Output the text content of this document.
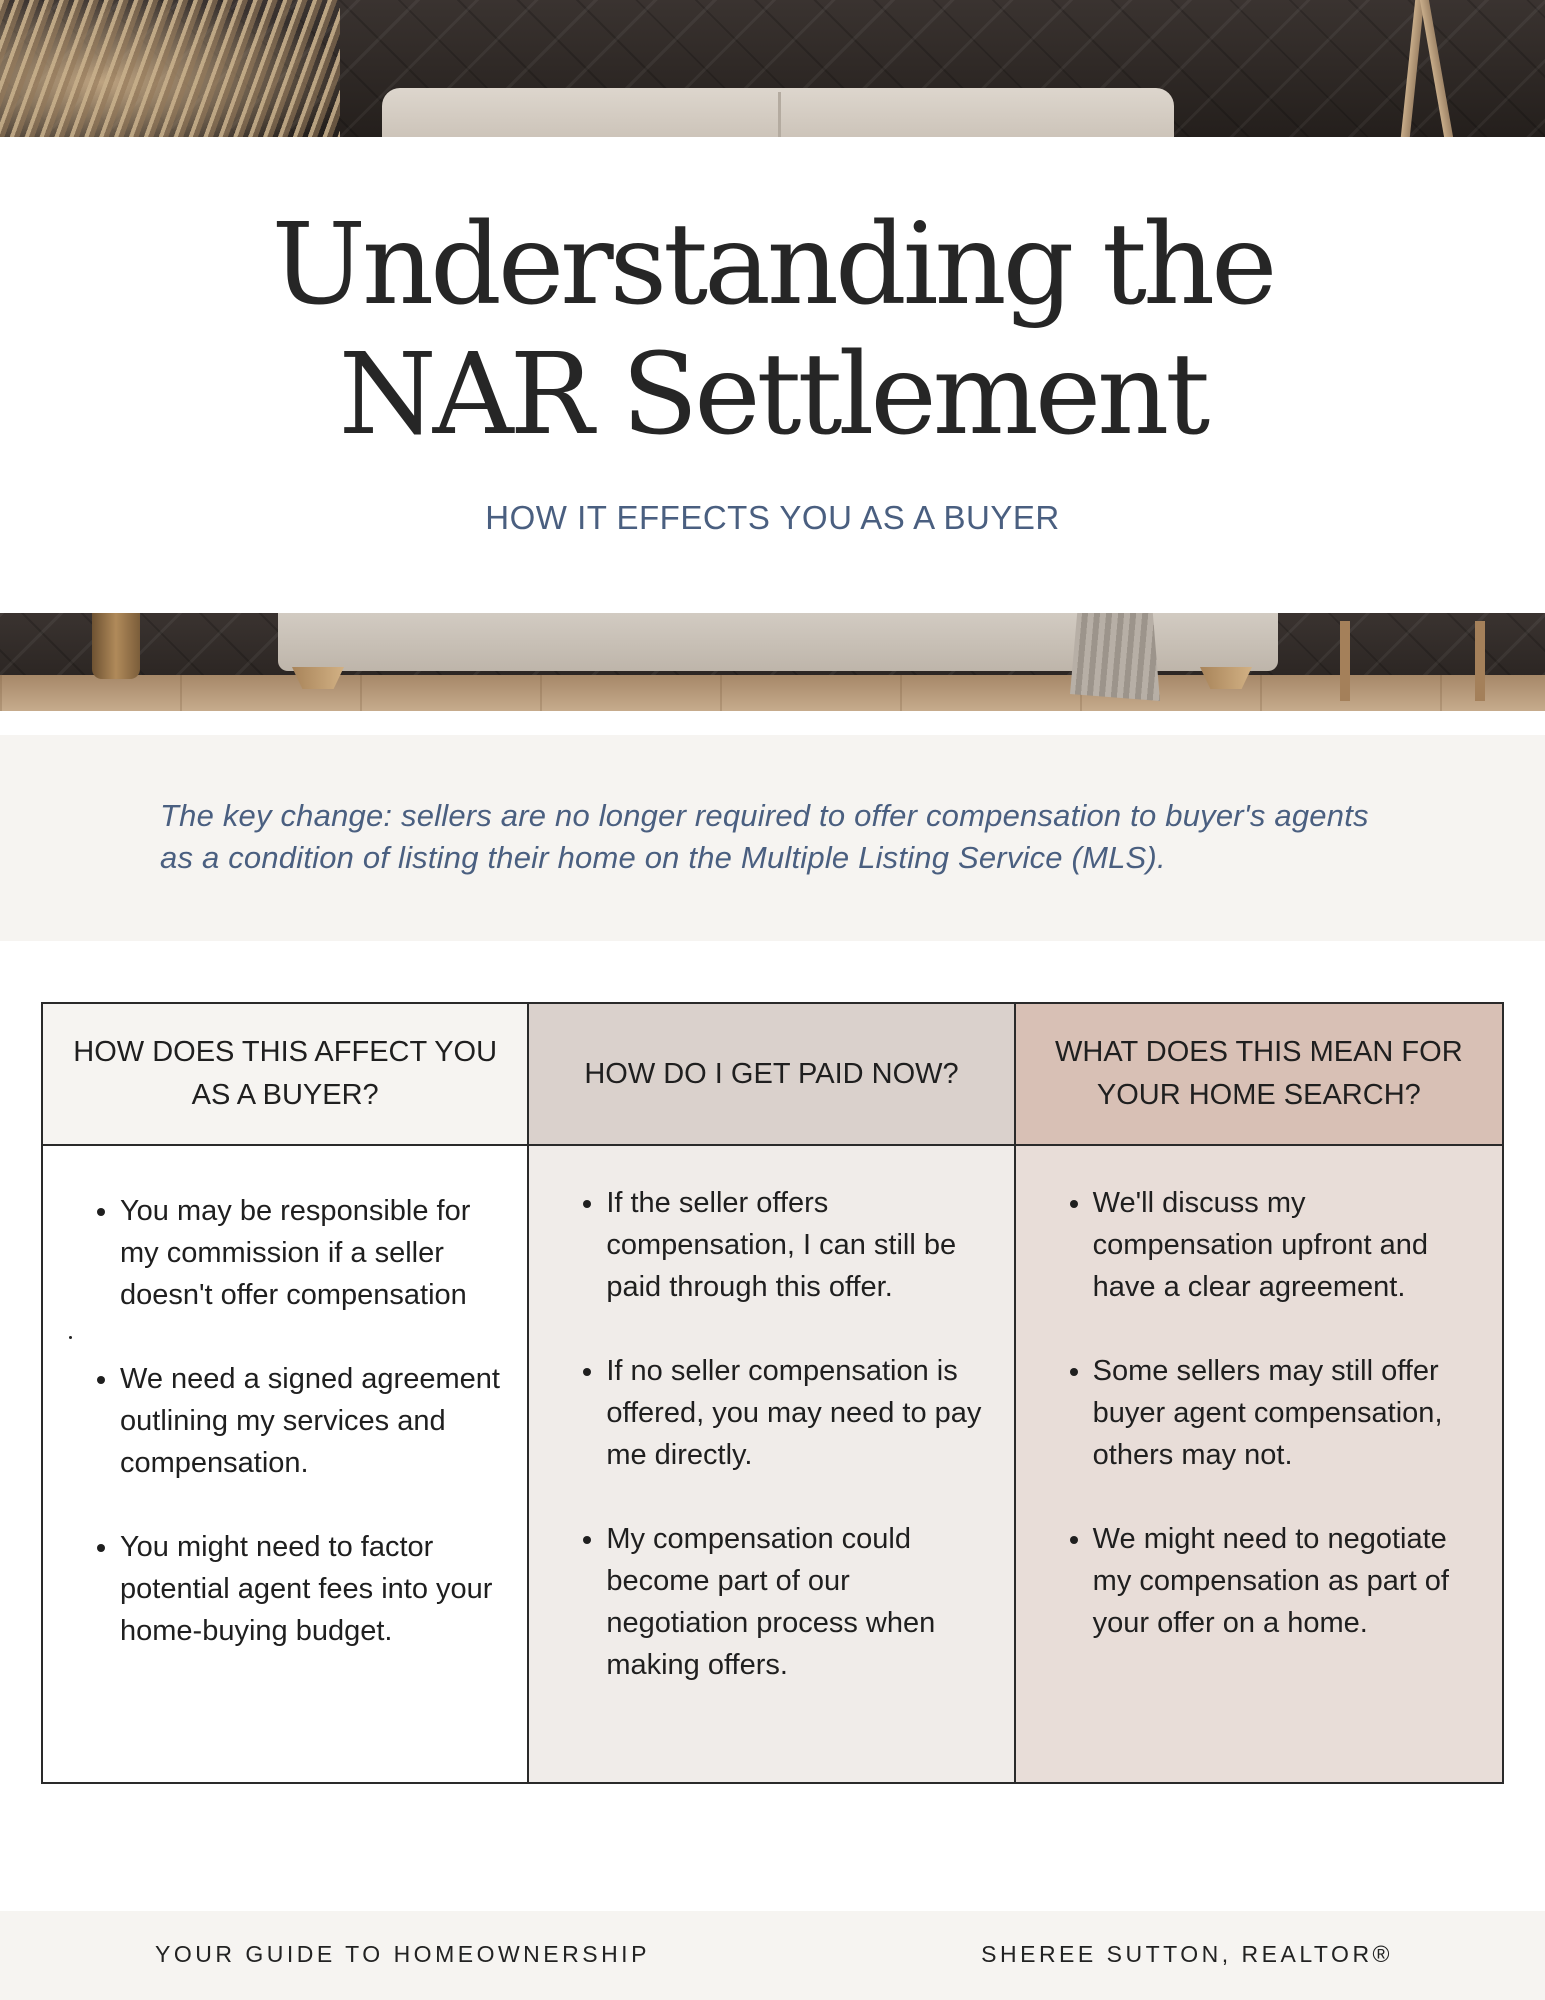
Understanding the
NAR Settlement

HOW IT EFFECTS YOU AS A BUYER

The key change: sellers are no longer required to offer compensation to buyer's agents as a condition of listing their home on the Multiple Listing Service (MLS).

HOW DOES THIS AFFECT YOU AS A BUYER?
HOW DO I GET PAID NOW?
WHAT DOES THIS MEAN FOR YOUR HOME SEARCH?
• You may be responsible for my commission if a seller doesn't offer compensation
• We need a signed agreement outlining my services and compensation.
• You might need to factor potential agent fees into your home-buying budget.
• If the seller offers compensation, I can still be paid through this offer.
• If no seller compensation is offered, you may need to pay me directly.
• My compensation could become part of our negotiation process when making offers.
• We'll discuss my compensation upfront and have a clear agreement.
• Some sellers may still offer buyer agent compensation, others may not.
• We might need to negotiate my compensation as part of your offer on a home.
YOUR GUIDE TO HOMEOWNERSHIP	SHEREE SUTTON, REALTOR®
